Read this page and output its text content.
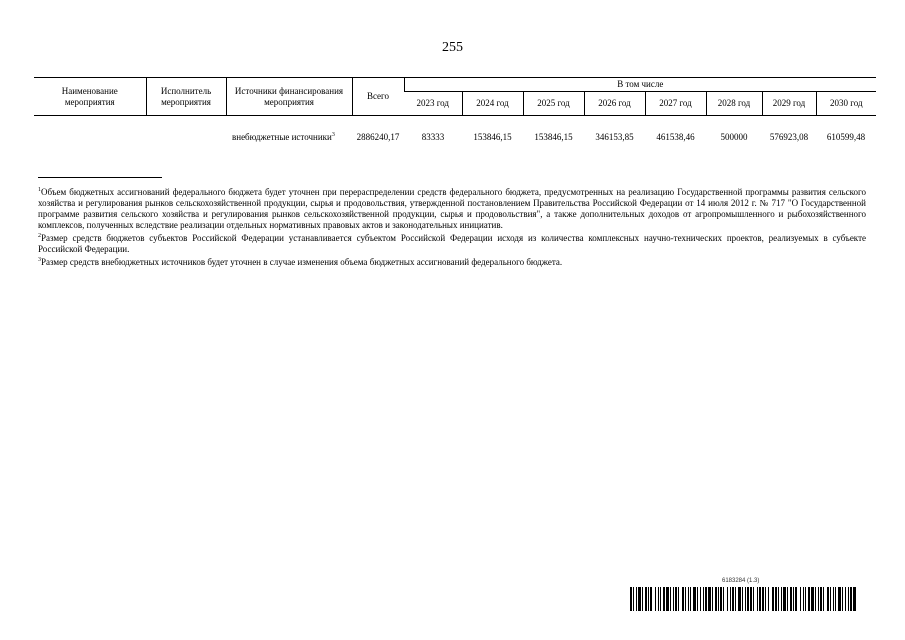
255
Наименование мероприятия	Исполнитель мероприятия	Источники финансирования мероприятия	Всего	В том числе							
				2023 год	2024 год	2025 год	2026 год	2027 год	2028 год	2029 год	2030 год
		внебюджетные источники$^3$	2886240,17	83333	153846,15	153846,15	346153,85	461538,46	500000	576923,08	610599,48

$^1$Объем бюджетных ассигнований федерального бюджета будет уточнен при перераспределении средств федерального бюджета, предусмотренных на реализацию Государственной программы развития сельского хозяйства и регулирования рынков сельскохозяйственной продукции, сырья и продовольствия, утвержденной постановлением Правительства Российской Федерации от 14 июля 2012 г. № 717 "О Государственной программе развития сельского хозяйства и регулирования рынков сельскохозяйственной продукции, сырья и продовольствия", а также дополнительных доходов от агропромышленного и рыбохозяйственного комплексов, полученных вследствие реализации отдельных нормативных правовых актов и законодательных инициатив.

$^2$Размер средств бюджетов субъектов Российской Федерации устанавливается субъектом Российской Федерации исходя из количества комплексных научно-технических проектов, реализуемых в субъекте Российской Федерации.

$^3$Размер средств внебюджетных источников будет уточнен в случае изменения объема бюджетных ассигнований федерального бюджета.

6183284 (1.3)
